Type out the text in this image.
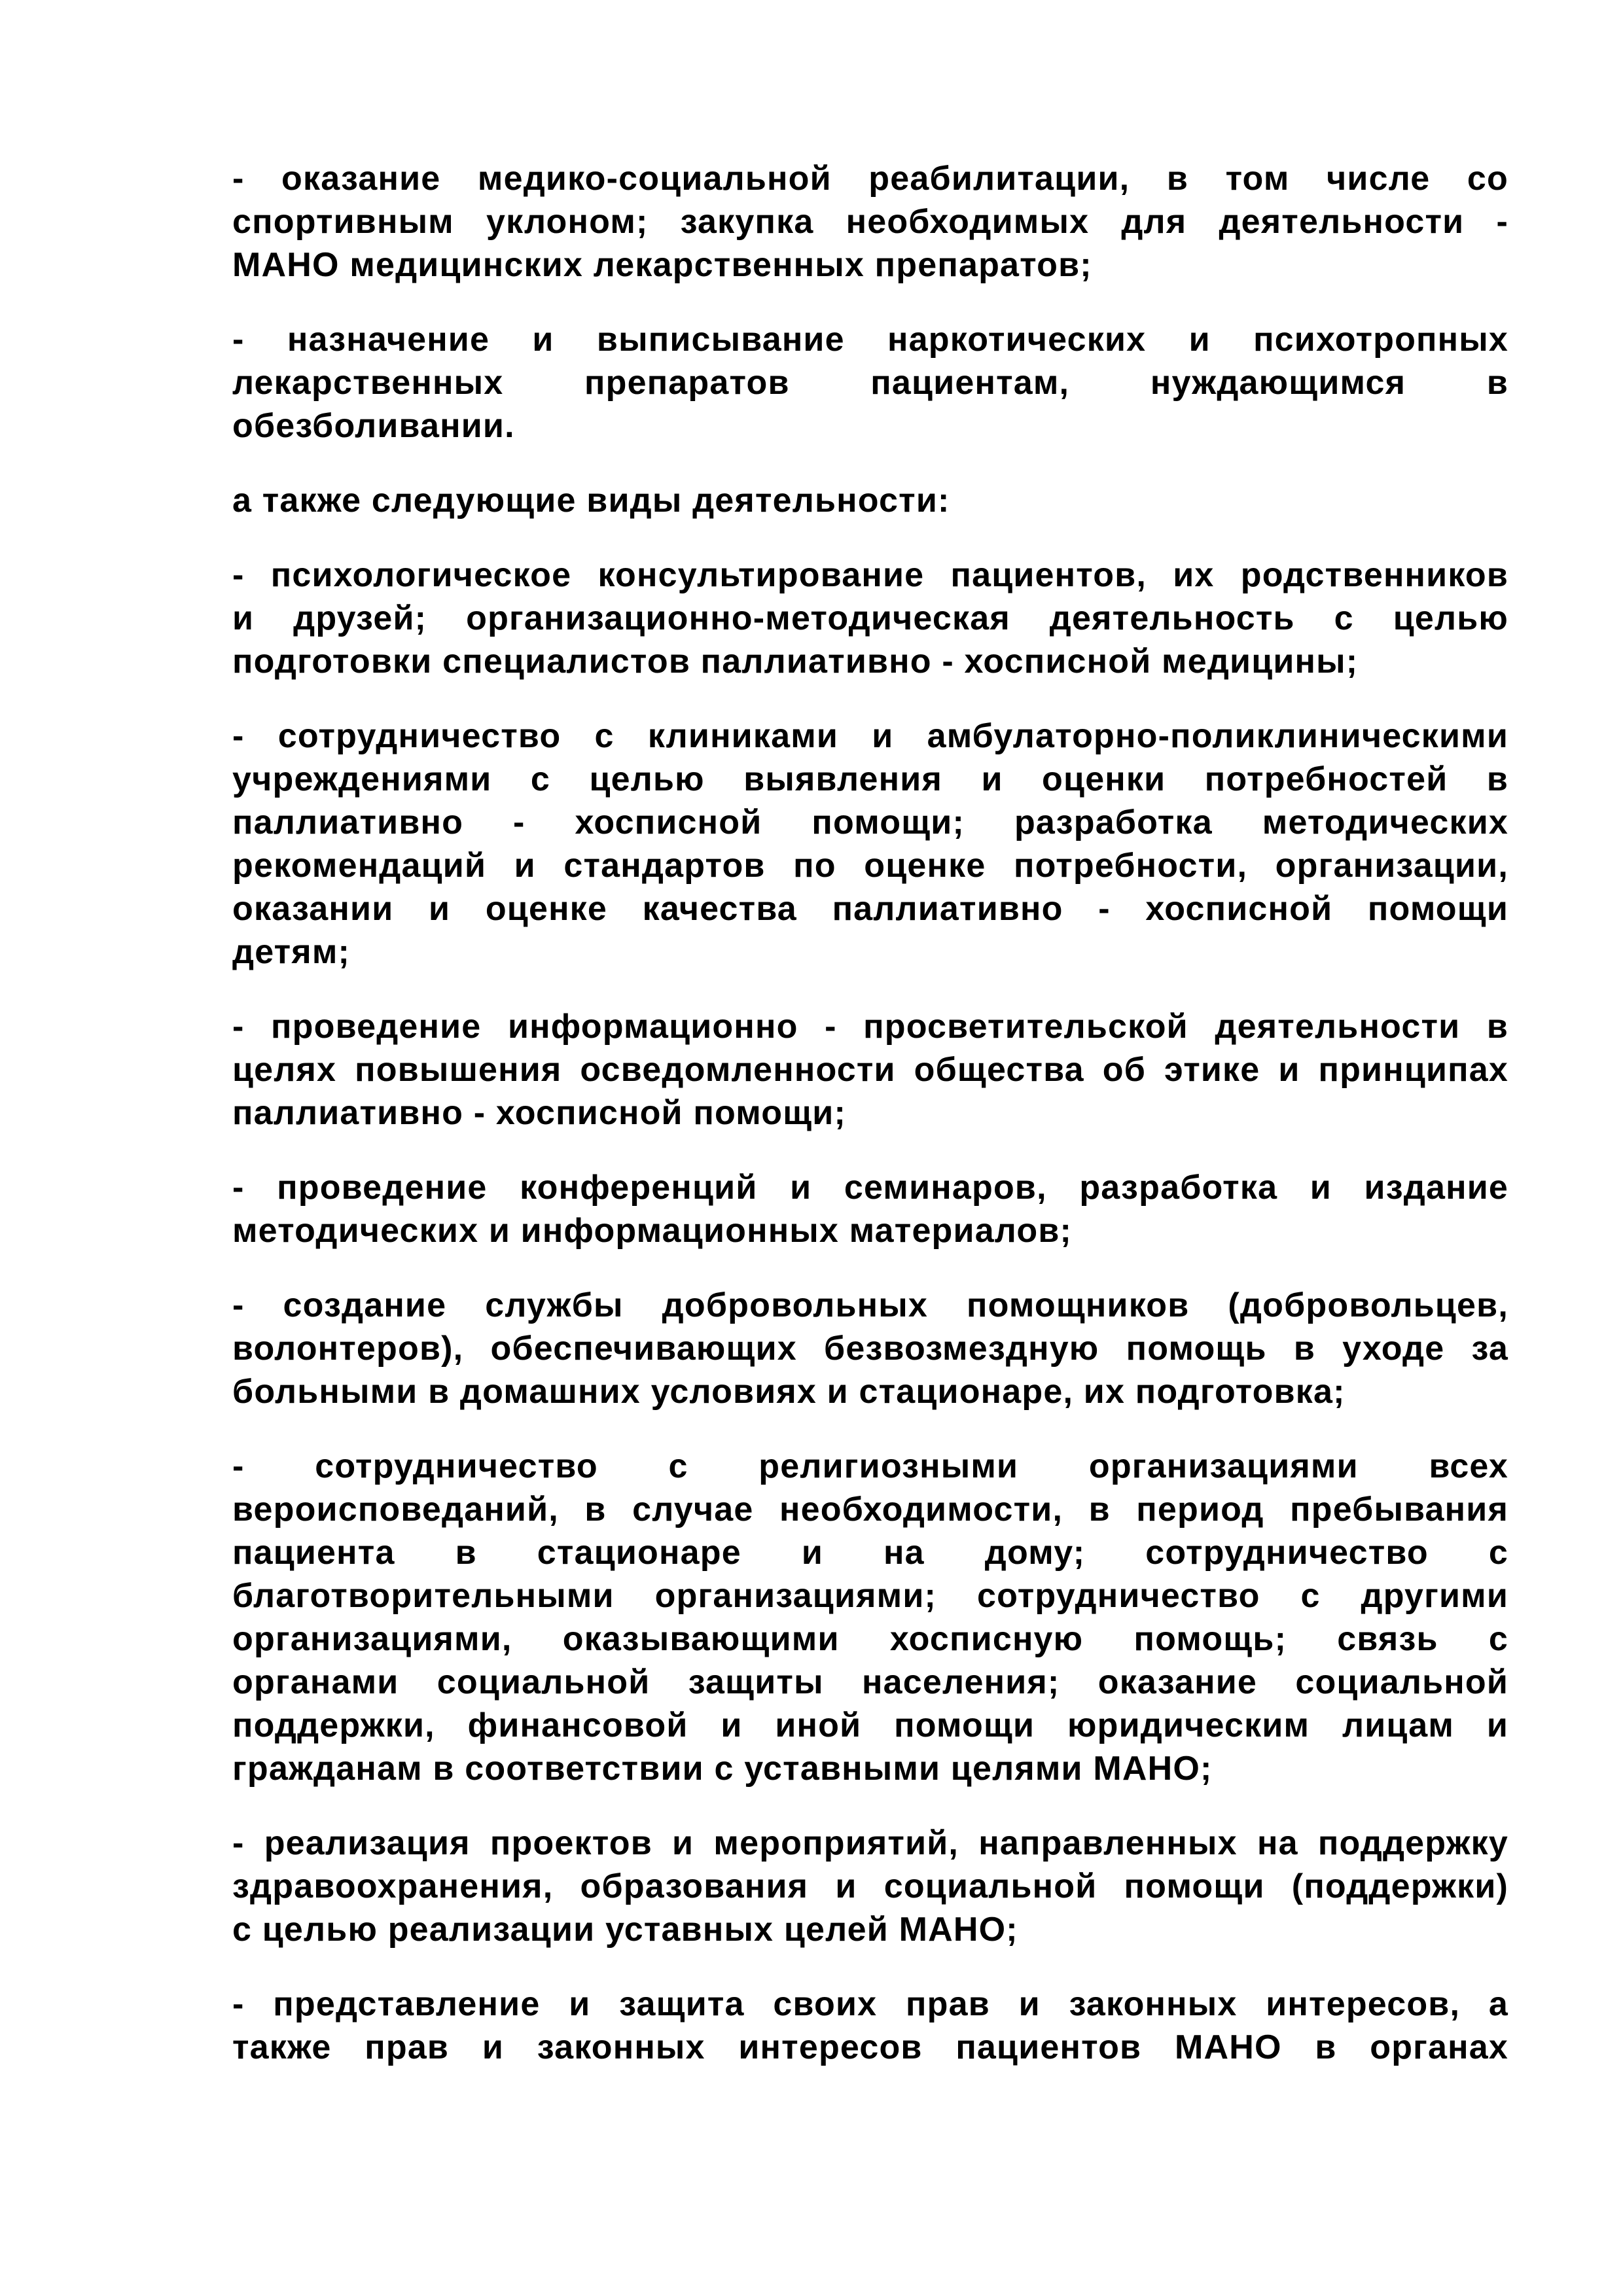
- оказание медико-социальной реабилитации, в том числе со
спортивным уклоном; закупка необходимых для деятельности -
МАНО медицинских лекарственных препаратов;
- назначение и выписывание наркотических и психотропных
лекарственных препаратов пациентам, нуждающимся в
обезболивании.
а также следующие виды деятельности:
- психологическое консультирование пациентов, их родственников
и друзей; организационно-методическая деятельность с целью
подготовки специалистов паллиативно - хосписной медицины;
- сотрудничество с клиниками и амбулаторно-поликлиническими
учреждениями с целью выявления и оценки потребностей в
паллиативно - хосписной помощи; разработка методических
рекомендаций и стандартов по оценке потребности, организации,
оказании и оценке качества паллиативно - хосписной помощи
детям;
- проведение информационно - просветительской деятельности в
целях повышения осведомленности общества об этике и принципах
паллиативно - хосписной помощи;
- проведение конференций и семинаров, разработка и издание
методических и информационных материалов;
- создание службы добровольных помощников (добровольцев,
волонтеров), обеспечивающих безвозмездную помощь в уходе за
больными в домашних условиях и стационаре, их подготовка;
- сотрудничество с религиозными организациями всех
вероисповеданий, в случае необходимости, в период пребывания
пациента в стационаре и на дому; сотрудничество с
благотворительными организациями; сотрудничество с другими
организациями, оказывающими хосписную помощь; связь с
органами социальной защиты населения; оказание социальной
поддержки, финансовой и иной помощи юридическим лицам и
гражданам в соответствии с уставными целями МАНО;
- реализация проектов и мероприятий, направленных на поддержку
здравоохранения, образования и социальной помощи (поддержки)
с целью реализации уставных целей МАНО;
- представление и защита своих прав и законных интересов, а
также прав и законных интересов пациентов МАНО в органах
